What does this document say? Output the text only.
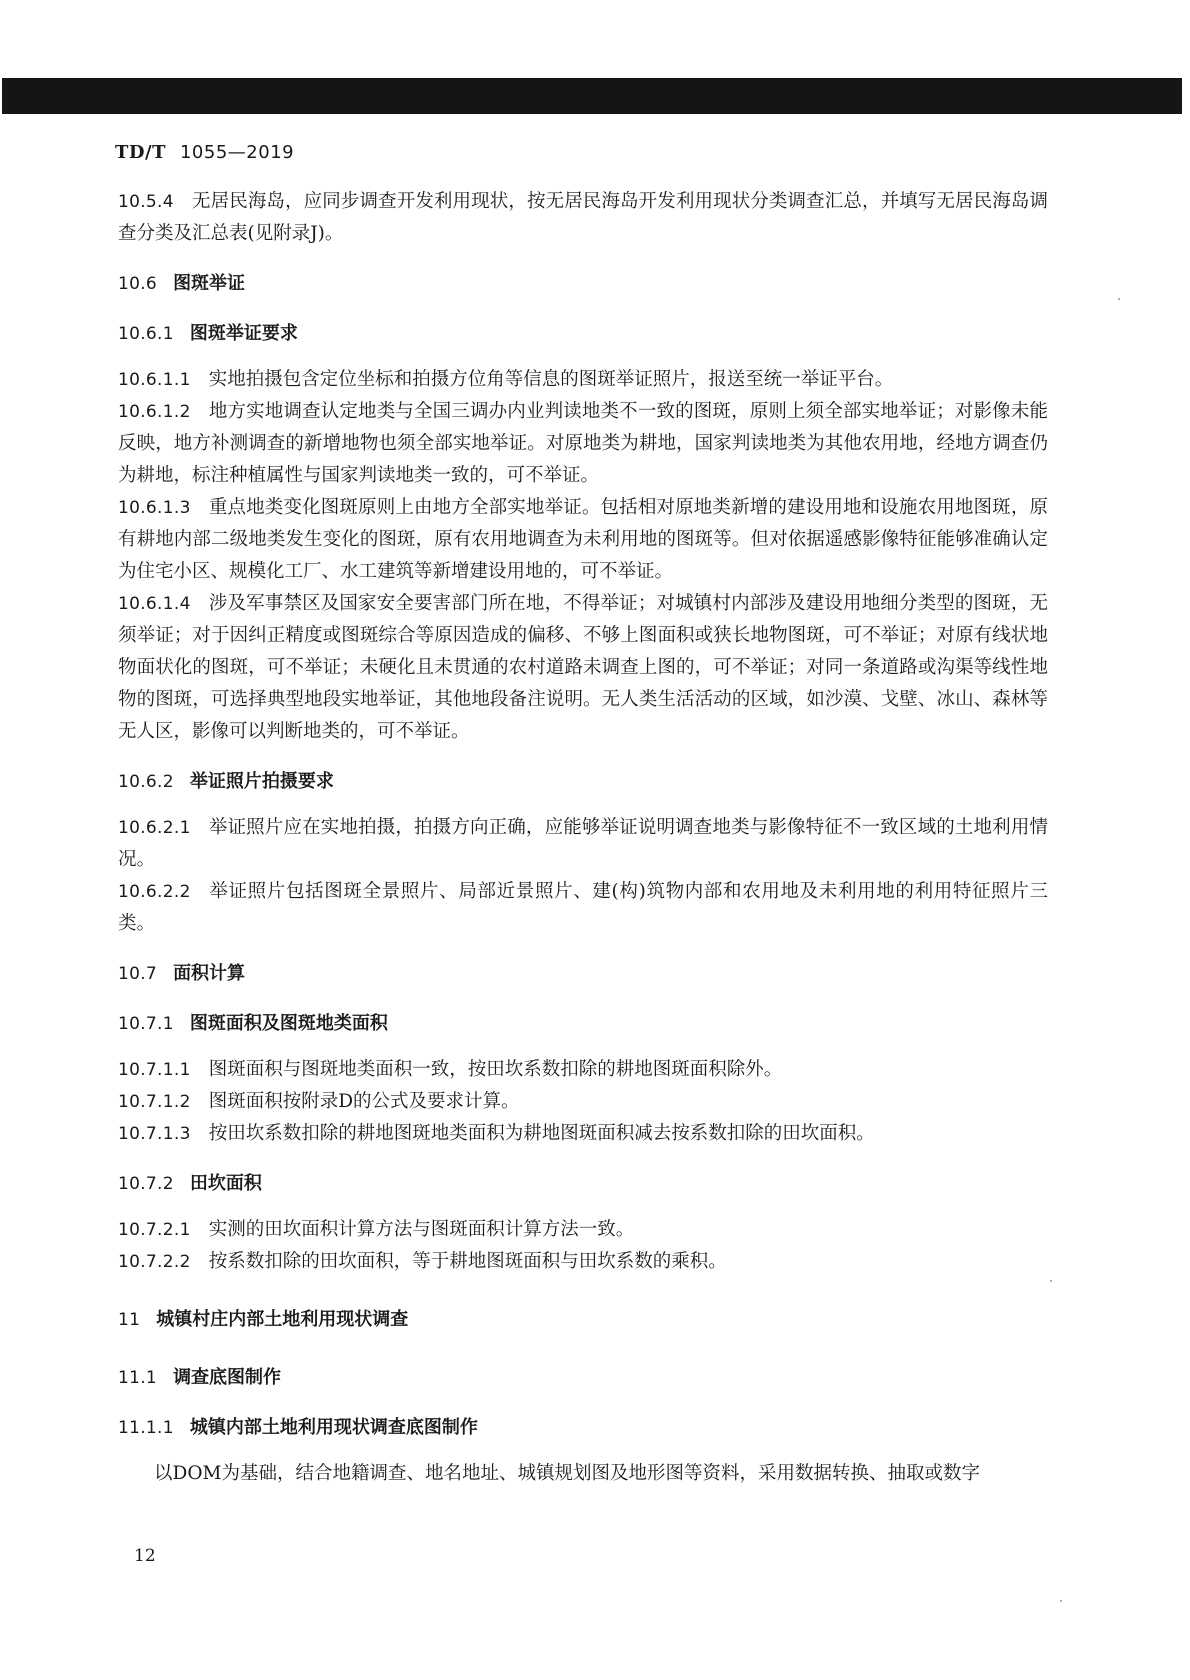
TD/T 1055—2019

10.5.4 无居民海岛，应同步调查开发利用现状，按无居民海岛开发利用现状分类调查汇总，并填写无居民海岛调查分类及汇总表(见附录J)。

10.6 图斑举证

10.6.1 图斑举证要求

10.6.1.1 实地拍摄包含定位坐标和拍摄方位角等信息的图斑举证照片，报送至统一举证平台。

10.6.1.2 地方实地调查认定地类与全国三调办内业判读地类不一致的图斑，原则上须全部实地举证；对影像未能反映，地方补测调查的新增地物也须全部实地举证。对原地类为耕地，国家判读地类为其他农用地，经地方调查仍为耕地，标注种植属性与国家判读地类一致的，可不举证。

10.6.1.3 重点地类变化图斑原则上由地方全部实地举证。包括相对原地类新增的建设用地和设施农用地图斑，原有耕地内部二级地类发生变化的图斑，原有农用地调查为未利用地的图斑等。但对依据遥感影像特征能够准确认定为住宅小区、规模化工厂、水工建筑等新增建设用地的，可不举证。

10.6.1.4 涉及军事禁区及国家安全要害部门所在地，不得举证；对城镇村内部涉及建设用地细分类型的图斑，无须举证；对于因纠正精度或图斑综合等原因造成的偏移、不够上图面积或狭长地物图斑，可不举证；对原有线状地物面状化的图斑，可不举证；未硬化且未贯通的农村道路未调查上图的，可不举证；对同一条道路或沟渠等线性地物的图斑，可选择典型地段实地举证，其他地段备注说明。无人类生活活动的区域，如沙漠、戈壁、冰山、森林等无人区，影像可以判断地类的，可不举证。

10.6.2 举证照片拍摄要求

10.6.2.1 举证照片应在实地拍摄，拍摄方向正确，应能够举证说明调查地类与影像特征不一致区域的土地利用情况。

10.6.2.2 举证照片包括图斑全景照片、局部近景照片、建(构)筑物内部和农用地及未利用地的利用特征照片三类。

10.7 面积计算

10.7.1 图斑面积及图斑地类面积

10.7.1.1 图斑面积与图斑地类面积一致，按田坎系数扣除的耕地图斑面积除外。

10.7.1.2 图斑面积按附录D的公式及要求计算。

10.7.1.3 按田坎系数扣除的耕地图斑地类面积为耕地图斑面积减去按系数扣除的田坎面积。

10.7.2 田坎面积

10.7.2.1 实测的田坎面积计算方法与图斑面积计算方法一致。

10.7.2.2 按系数扣除的田坎面积，等于耕地图斑面积与田坎系数的乘积。

11 城镇村庄内部土地利用现状调查

11.1 调查底图制作

11.1.1 城镇内部土地利用现状调查底图制作

以DOM为基础，结合地籍调查、地名地址、城镇规划图及地形图等资料，采用数据转换、抽取或数字

12
